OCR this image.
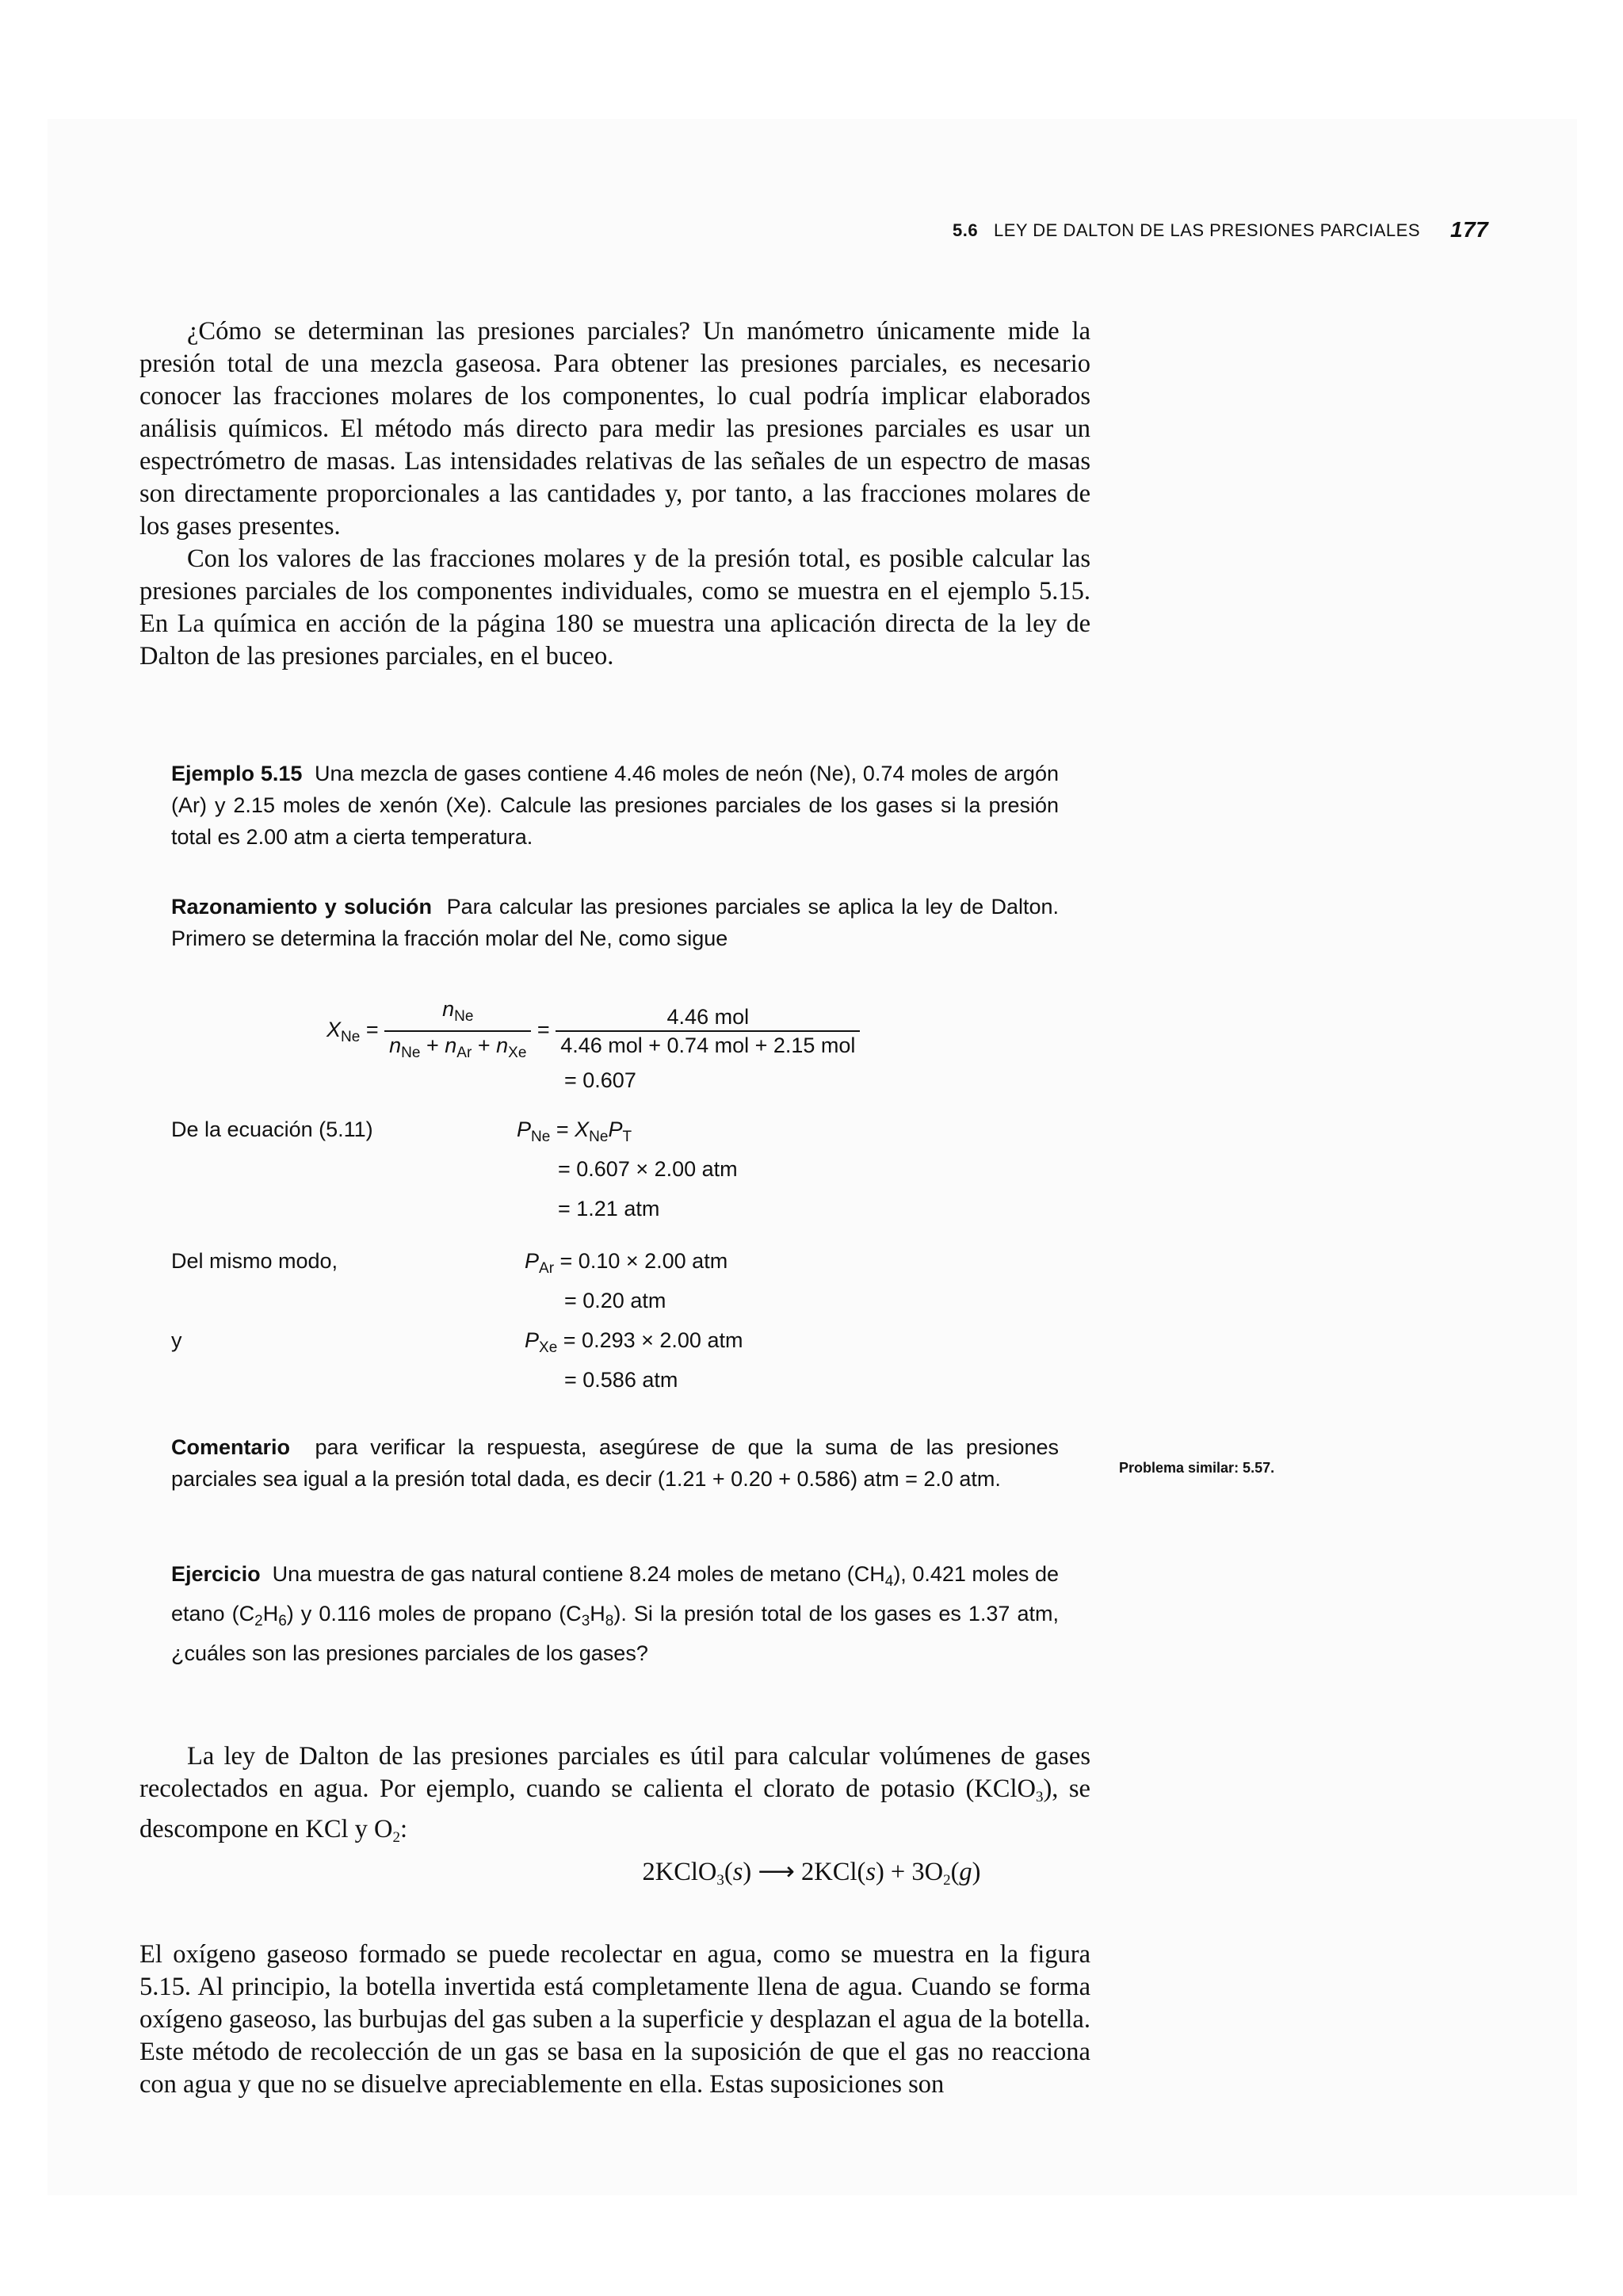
5.6 LEY DE DALTON DE LAS PRESIONES PARCIALES 177

¿Cómo se determinan las presiones parciales? Un manómetro únicamente mide la presión total de una mezcla gaseosa. Para obtener las presiones parciales, es necesario conocer las fracciones molares de los componentes, lo cual podría implicar elaborados análisis químicos. El método más directo para medir las presiones parciales es usar un espectrómetro de masas. Las intensidades relativas de las señales de un espectro de masas son directamente proporcionales a las cantidades y, por tanto, a las fracciones molares de los gases presentes.

Con los valores de las fracciones molares y de la presión total, es posible calcular las presiones parciales de los componentes individuales, como se muestra en el ejemplo 5.15. En La química en acción de la página 180 se muestra una aplicación directa de la ley de Dalton de las presiones parciales, en el buceo.

Ejemplo 5.15 Una mezcla de gases contiene 4.46 moles de neón (Ne), 0.74 moles de argón (Ar) y 2.15 moles de xenón (Xe). Calcule las presiones parciales de los gases si la presión total es 2.00 atm a cierta temperatura.

Razonamiento y solución Para calcular las presiones parciales se aplica la ley de Dalton. Primero se determina la fracción molar del Ne, como sigue

$X_{Ne} = \frac{n_{Ne}}{n_{Ne} + n_{Ar} + n_{Xe}} = \frac{\text{4.46 mol}}{\text{4.46 mol + 0.74 mol + 2.15 mol}}$
= 0.607
De la ecuación (5.11)	$P_{Ne} = X_{Ne}P_T$
= 0.607 × 2.00 atm
= 1.21 atm
Del mismo modo,	$P_{Ar} = 0.10 \times 2.00$ atm
= 0.20 atm
y	$P_{Xe} = 0.293 \times 2.00$ atm
= 0.586 atm

Comentario para verificar la respuesta, asegúrese de que la suma de las presiones parciales sea igual a la presión total dada, es decir (1.21 + 0.20 + 0.586) atm = 2.0 atm.	Problema similar: 5.57.

Ejercicio Una muestra de gas natural contiene 8.24 moles de metano $(CH_4)$, 0.421 moles de etano $(C_2H_6)$ y 0.116 moles de propano $(C_3H_8)$. Si la presión total de los gases es 1.37 atm, ¿cuáles son las presiones parciales de los gases?

La ley de Dalton de las presiones parciales es útil para calcular volúmenes de gases recolectados en agua. Por ejemplo, cuando se calienta el clorato de potasio (KClO$_3$), se descompone en KCl y $O_2$:

2KClO$_3$(s) ⟶ $2KCl(s) + 3O_2(g)$

El oxígeno gaseoso formado se puede recolectar en agua, como se muestra en la figura 5.15. Al principio, la botella invertida está completamente llena de agua. Cuando se forma oxígeno gaseoso, las burbujas del gas suben a la superficie y desplazan el agua de la botella. Este método de recolección de un gas se basa en la suposición de que el gas no reacciona con agua y que no se disuelve apreciablemente en ella. Estas suposiciones son
